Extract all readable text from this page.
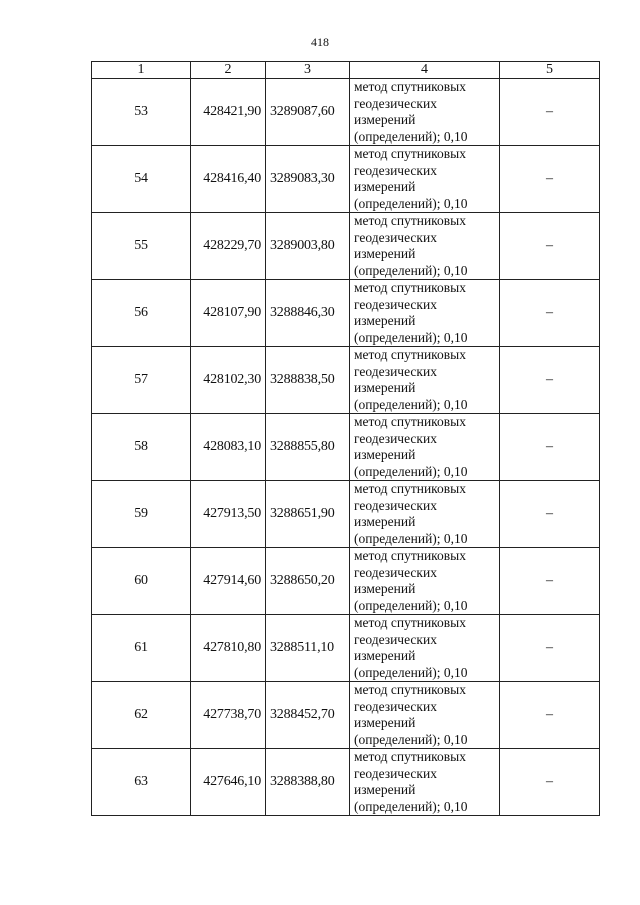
418
1	2	3	4	5
53	428421,90	3289087,60	метод спутниковых
геодезических
измерений
(определений); 0,10	–
54	428416,40	3289083,30	метод спутниковых
геодезических
измерений
(определений); 0,10	–
55	428229,70	3289003,80	метод спутниковых
геодезических
измерений
(определений); 0,10	–
56	428107,90	3288846,30	метод спутниковых
геодезических
измерений
(определений); 0,10	–
57	428102,30	3288838,50	метод спутниковых
геодезических
измерений
(определений); 0,10	–
58	428083,10	3288855,80	метод спутниковых
геодезических
измерений
(определений); 0,10	–
59	427913,50	3288651,90	метод спутниковых
геодезических
измерений
(определений); 0,10	–
60	427914,60	3288650,20	метод спутниковых
геодезических
измерений
(определений); 0,10	–
61	427810,80	3288511,10	метод спутниковых
геодезических
измерений
(определений); 0,10	–
62	427738,70	3288452,70	метод спутниковых
геодезических
измерений
(определений); 0,10	–
63	427646,10	3288388,80	метод спутниковых
геодезических
измерений
(определений); 0,10	–
